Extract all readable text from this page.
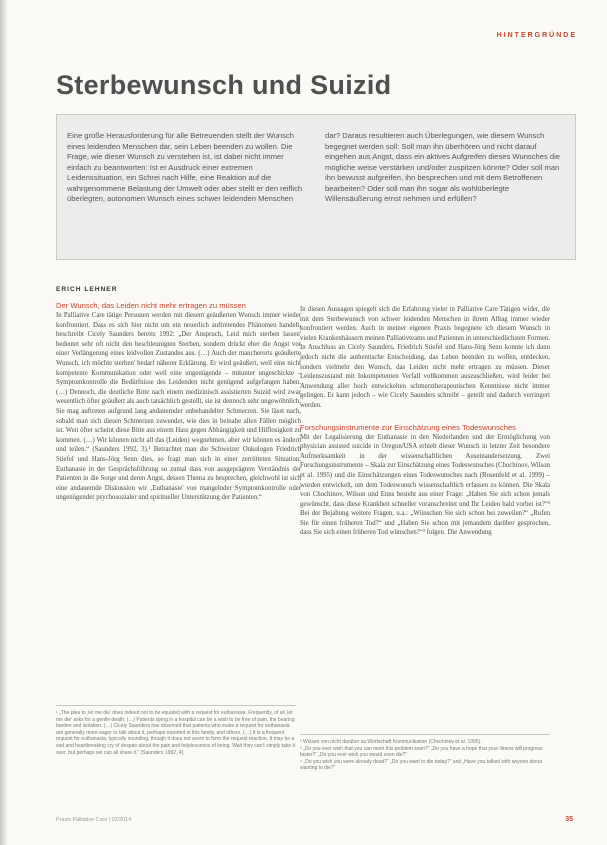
HINTERGRÜNDE
Sterbewunsch und Suizid
Eine große Herausforderung für alle Betreuenden stellt der Wunsch eines leidenden Menschen dar, sein Leben beenden zu wollen. Die Frage, wie dieser Wunsch zu verstehen ist, ist dabei nicht immer einfach zu beantworten: Ist er Ausdruck einer extremen Leidenssituation, ein Schrei nach Hilfe, eine Reaktion auf die wahrgenommene Belastung der Umwelt oder aber stellt er den reiflich überlegten, autonomen Wunsch eines schwer leidenden Menschen dar? Daraus resultieren auch Überlegungen, wie diesem Wunsch begegnet werden soll: Soll man ihn überhören und nicht darauf eingehen aus Angst, dass ein aktives Aufgreifen dieses Wunsches die mögliche weise verstärken und/oder zuspitzen könnte? Oder soll man ihn bewusst aufgreifen, ihn besprechen und mit dem Betroffenen bearbeiten? Oder soll man ihn sogar als wohlüberlegte Willensäußerung ernst nehmen und erfüllen?
ERICH LEHNER

Der Wunsch, das Leiden nicht mehr ertragen zu müssen

In Palliative Care tätige Personen werden mit diesem geäußerten Wunsch immer wieder konfrontiert. Dass es sich hier nicht um ein neuerlich auftretendes Phänomen handelt, beschreibt Cicely Saunders bereits 1992: „Der Anspruch, Leid mich sterben lassen' bedeutet sehr oft nicht den beschleunigten Sterben, sondern drückt eher die Angst vor einer Verlängerung eines leidvollen Zustandes aus. (…) Auch der mancherorts geäußerte Wunsch, ich möchte sterben' bedarf näherer Erklärung. Er wird geäußert, weil eine nicht kompetente Kommunikation oder weil eine ungenügende – mitunter ungeschickte – Symptomkontrolle die Bedürfnisse des Leidenden nicht genügend aufgefangen haben. (…) Dennoch, die deutliche Bitte nach einem medizinisch assistierten Suizid wird zwar wesentlich öfter geäußert als auch tatsächlich gestellt, sie ist dennoch sehr ungewöhnlich. Sie mag auftreten aufgrund lang andauernder unbehandelter Schmerzen. Sie lässt nach, sobald man sich diesen Schmerzen zuwendet, wie dies in beinahe allen Fällen möglich ist. Weit öfter scheint diese Bitte aus einem Hass gegen Abhängigkeit und Hilflosigkeit zu kommen. (…) Wir können nicht all das (Leiden) wegnehmen, aber wir können es ändern und teilen.“ (Saunders 1992, 3).¹ Betrachtet man die Schweizer Onkologen Friedrich Stiefel und Hans-Jörg Senn dies, so fragt man sich in einer zerrütteten Situation, Euthanasie in der Gesprächsführung so zumal dass von ausgeprägtem Verständnis der Patienten in die Sorge und deren Angst, dessen Thema zu besprechen, gleichwohl ist sich eine andauernde Diskussion wir ‚Euthanasie' von mangelnder Symptomkontrolle oder ungenügender psychosozialer und spiritueller Unterstützung der Patienten.“

In diesen Aussagen spiegelt sich die Erfahrung vieler in Palliative Care Tätigen wider, die mit dem Sterbewunsch von schwer leidenden Menschen in ihrem Alltag immer wieder konfrontiert werden. Auch in meiner eigenen Praxis begegnete ich diesem Wunsch in vielen Krankenhäusern meinen Palliativteams und Patienten in unterschiedlichsten Formen. In Anschluss an Cicely Saunders, Friedrich Stiefel und Hans-Jörg Senn konnte ich dann jedoch nicht die authentische Entscheidung, das Leben beenden zu wollen, entdecken, sondern vielmehr den Wunsch, das Leiden nicht mehr ertragen zu müssen. Dieser Leidenszustand mit Inkompetenten Verfall vollkommen auszuschließen, wird leider bei Anwendung aller hoch entwickelten schmerztherapeutischen Kenntnisse nicht immer gelingen. Er kann jedoch – wie Cicely Saunders schreibt – geteilt und dadurch verringert werden.

Forschungsinstrumente zur Einschätzung eines Todeswunsches

Mit der Legalisierung der Euthanasie in den Niederlanden und der Ermöglichung von physician assisted suicide in Oregon/USA erhielt dieser Wunsch in letzter Zeit besondere Aufmerksamkeit in der wissenschaftlichen Auseinandersetzung. Zwei Forschungsinstrumente – Skala zur Einschätzung eines Todeswunsches (Chochinov, Wilson et al. 1995) und die Einschätzungen eines Todeswunsches nach (Rosenfeld et al. 1999) – wurden entwickelt, um dem Todeswunsch wissenschaftlich erfassen zu können. Die Skala von Chochinov, Wilson und Enns besteht aus einer Frage: „Haben Sie sich schon jemals gewünscht, dass diese Krankheit schneller voranschreitet und Ihr Leiden bald vorbei ist?“² Bei der Bejahung weitere Fragen, u.a.: „Wünschen Sie sich schon bei zuweilen?“ „Rufen Sie für einen früheren Tod?“ und „Haben Sie schon mit jemandem darüber gesprochen, dass Sie sich einen früheren Tod wünschen?“³ folgen. Die Anwendung

¹ „The plea to ‚let me die' does indeed not to be equated with a request for euthanasia. Frequently, of all ‚let me die' asks for a gentle death; (…) Patients dying in a hospital can be a wish to be free of pain, the bearing burden and isolation. (…) Cicely Saunders has observed that patients who make a request for euthanasia are generally more eager to talk about it, perhaps reported in this family, and others. (…) It is a frequent request for euthanasia, typically sounding, though it does not seem to form the request reaction. It may be a sad and heartbreaking cry of despair about the pain and helplessness of being. Wait they can't simply take it over, but perhaps we can all share it.“ (Saunders 1992, 4).
² Wissen von nicht darüber zu Wortschaft Kommunikation (Chochinov et al. 1995).
³ „Do you ever wish that you can meet this problem soon?“ „Do you have a hope that your illness will progress faster?“ „Do you ever wish you would soon die?“
⁴ „Do you wish you were already dead?“ „Do you want to die today?“ and „Have you talked with anyone about wanting to die?“
Praxis Palliative Care | 02/2014	35
